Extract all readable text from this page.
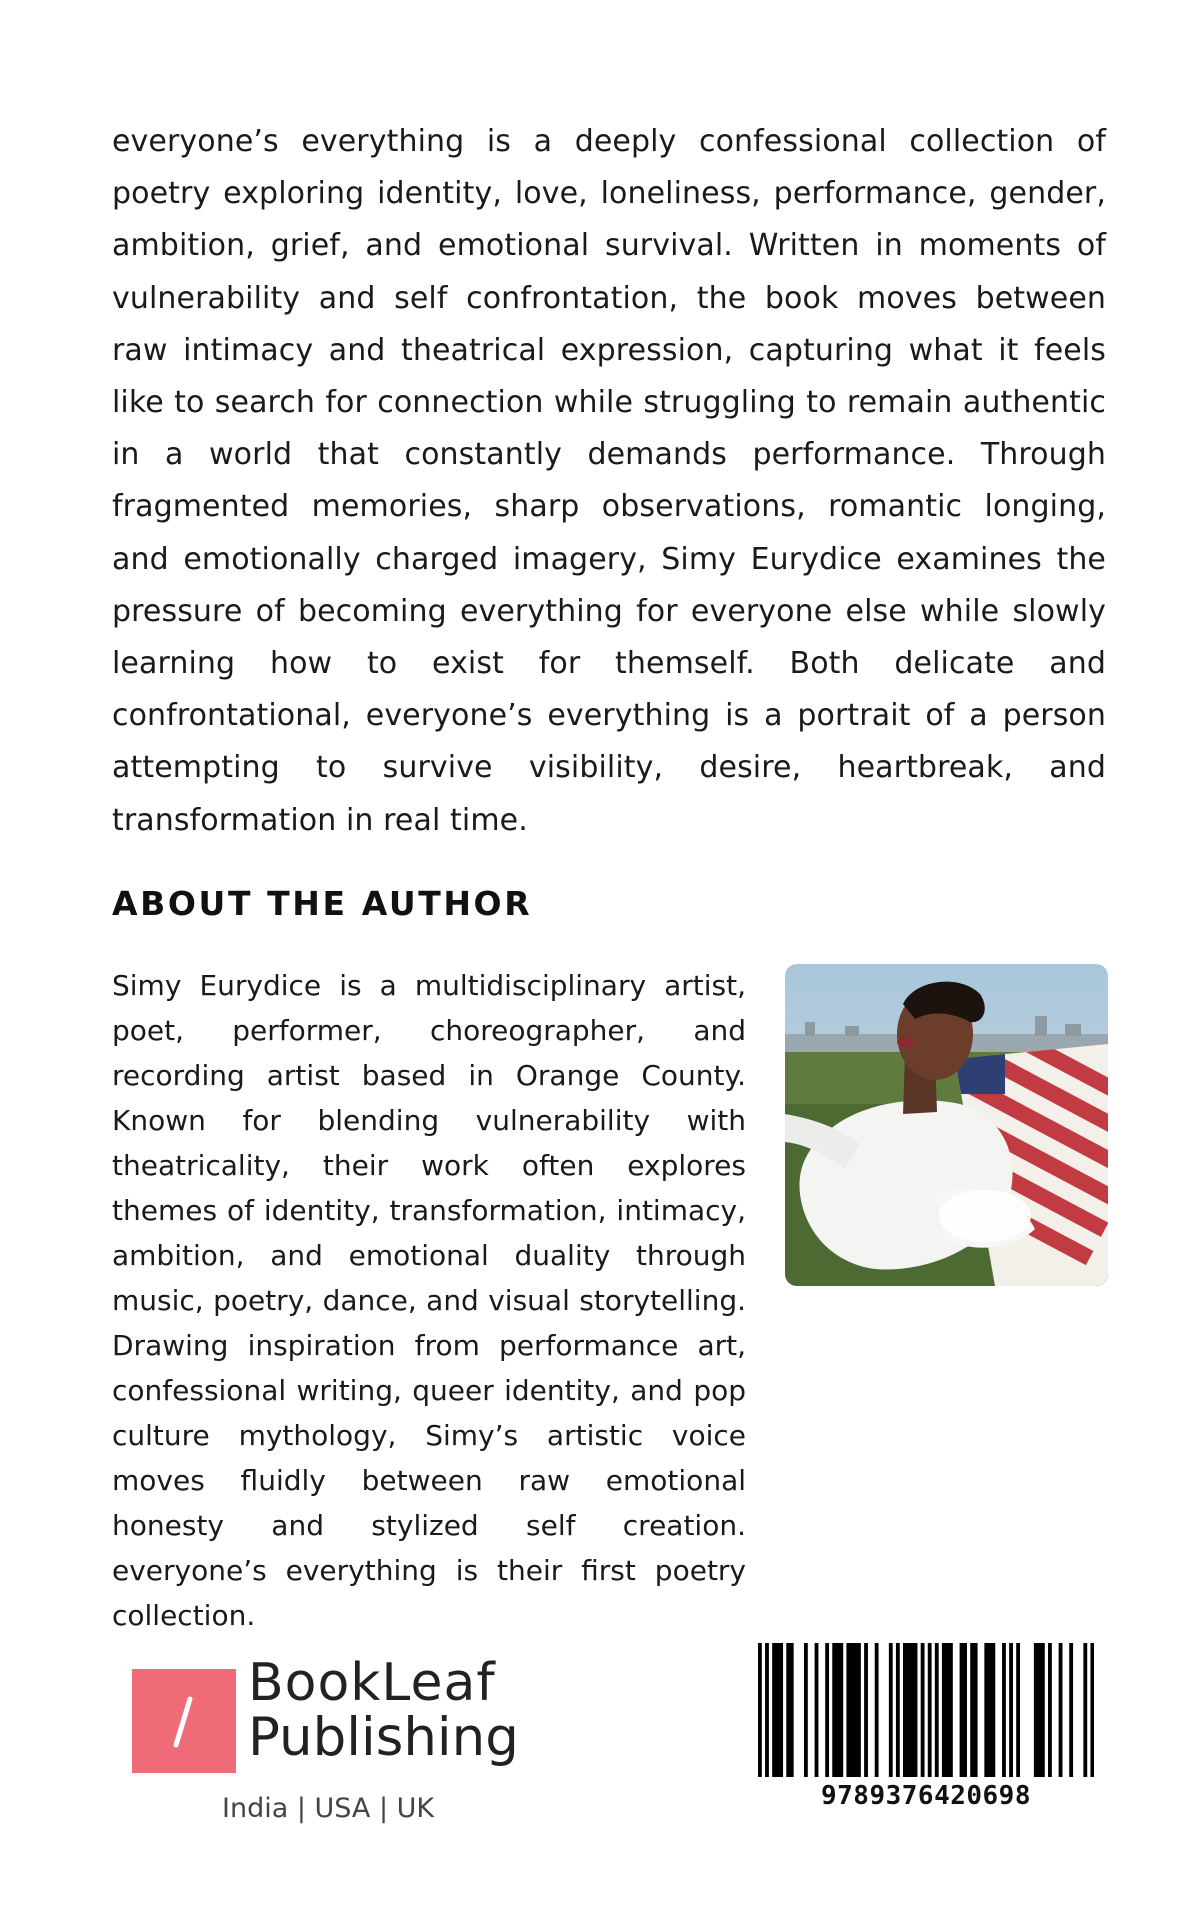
everyone’s everything is a deeply confessional collection of poetry exploring identity, love, loneliness, performance, gender, ambition, grief, and emotional survival. Written in moments of vulnerability and self confrontation, the book moves between raw intimacy and theatrical expression, capturing what it feels like to search for connection while struggling to remain authentic in a world that constantly demands performance. Through fragmented memories, sharp observations, romantic longing, and emotionally charged imagery, Simy Eurydice examines the pressure of becoming everything for everyone else while slowly learning how to exist for themself. Both delicate and confrontational, everyone’s everything is a portrait of a person attempting to survive visibility, desire, heartbreak, and transformation in real time.

ABOUT THE AUTHOR

Simy Eurydice is a multidisciplinary artist, poet, performer, choreographer, and recording artist based in Orange County. Known for blending vulnerability with theatricality, their work often explores themes of identity, transformation, intimacy, ambition, and emotional duality through music, poetry, dance, and visual storytelling. Drawing inspiration from performance art, confessional writing, queer identity, and pop culture mythology, Simy’s artistic voice moves fluidly between raw emotional honesty and stylized self creation. everyone’s everything is their first poetry collection.

BookLeaf

Publishing

India | USA | UK	9789376420698
